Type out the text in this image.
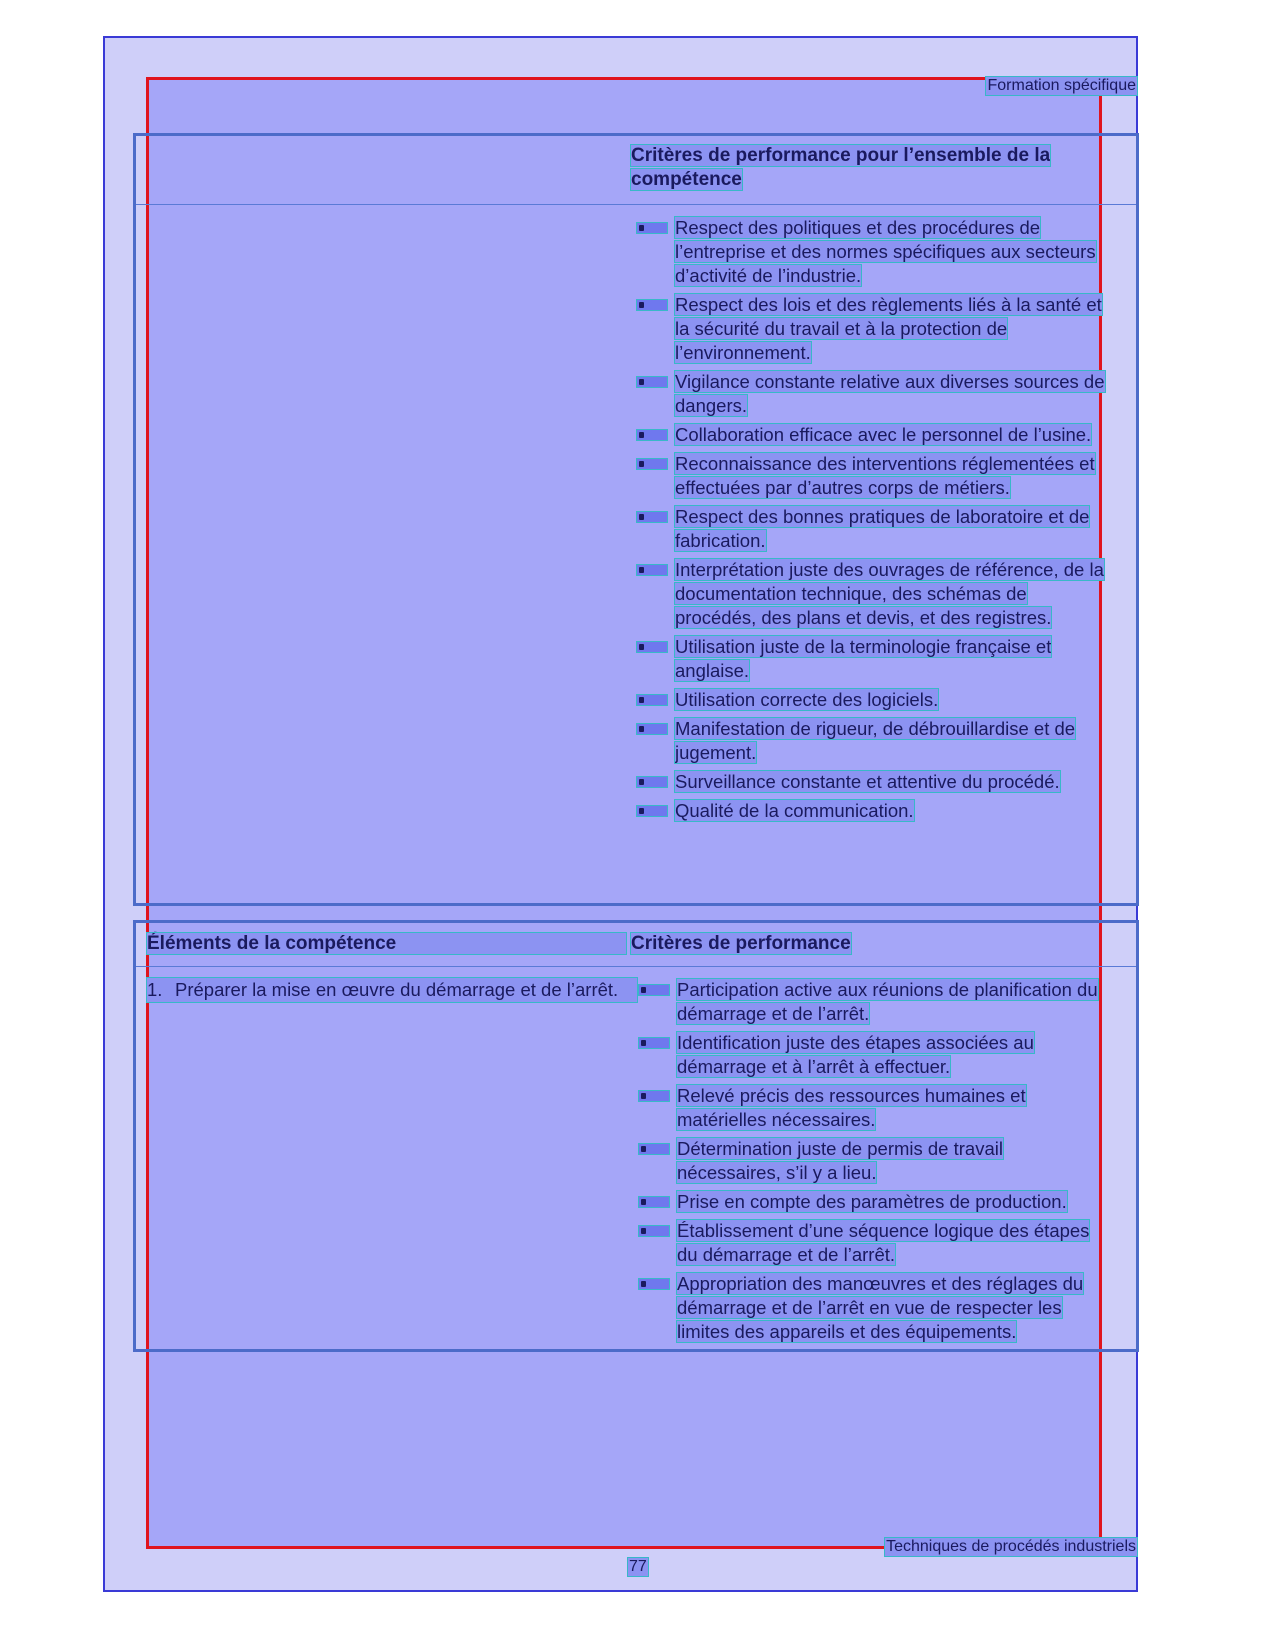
Formation spécifique
Critères de performance pour l’ensemble de la compétence
Respect des politiques et des procédures de l’entreprise et des normes spécifiques aux secteurs d’activité de l’industrie.
Respect des lois et des règlements liés à la santé et la sécurité du travail et à la protection de l’environnement.
Vigilance constante relative aux diverses sources de dangers.
Collaboration efficace avec le personnel de l’usine.
Reconnaissance des interventions réglementées et effectuées par d’autres corps de métiers.
Respect des bonnes pratiques de laboratoire et de fabrication.
Interprétation juste des ouvrages de référence, de la documentation technique, des schémas de procédés, des plans et devis, et des registres.
Utilisation juste de la terminologie française et anglaise.
Utilisation correcte des logiciels.
Manifestation de rigueur, de débrouillardise et de jugement.
Surveillance constante et attentive du procédé.
Qualité de la communication.
Éléments de la compétence	Critères de performance
1. Préparer la mise en œuvre du démarrage et de l’arrêt.	Participation active aux réunions de planification du démarrage et de l’arrêt.
Identification juste des étapes associées au démarrage et à l’arrêt à effectuer.
Relevé précis des ressources humaines et matérielles nécessaires.
Détermination juste de permis de travail nécessaires, s’il y a lieu.
Prise en compte des paramètres de production.
Établissement d’une séquence logique des étapes du démarrage et de l’arrêt.
Appropriation des manœuvres et des réglages du démarrage et de l’arrêt en vue de respecter les limites des appareils et des équipements.
Techniques de procédés industriels
77
